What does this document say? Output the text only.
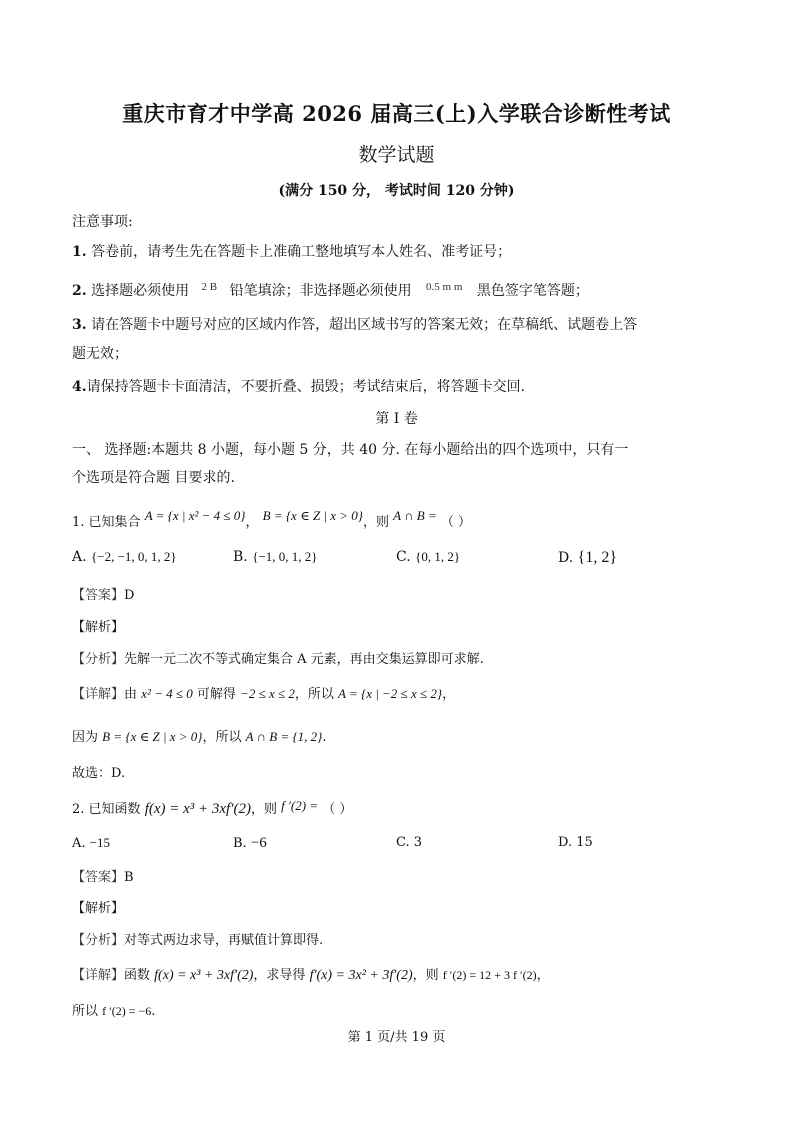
重庆市育才中学高 2026 届高三(上)入学联合诊断性考试
数学试题
(满分 150 分， 考试时间 120 分钟)
注意事项:
1. 答卷前，请考生先在答题卡上准确工整地填写本人姓名、准考证号；
2. 选择题必须使用 $^{2 B}$ 铅笔填涂；非选择题必须使用 $^{0.5 m m}$ 黑色签字笔答题；
3. 请在答题卡中题号对应的区域内作答，超出区域书写的答案无效；在草稿纸、试题卷上答
题无效；
4.请保持答题卡卡面清洁，不要折叠、损毁；考试结束后，将答题卡交回.
第 I 卷
一、 选择题:本题共 8 小题，每小题 5 分，共 40 分. 在每小题给出的四个选项中，只有一
个选项是符合题 目要求的.
1. 已知集合 A = {x | x² − 4 ≤ 0}， B = {x ∈ Z | x > 0}，则 A ∩ B = （ ）
A. {−2, −1, 0, 1, 2}	B. {−1, 0, 1, 2}	C. {0, 1, 2}	D. {1, 2}
【答案】D
【解析】
【分析】先解一元二次不等式确定集合 A 元素，再由交集运算即可求解.
【详解】由 x² − 4 ≤ 0 可解得 −2 ≤ x ≤ 2，所以 A = {x | −2 ≤ x ≤ 2}，
因为 B = {x ∈ Z | x > 0}，所以 A ∩ B = {1, 2}.
故选：D.
2. 已知函数 f(x) = x³ + 3xf′(2)，则 f ′(2) = （ ）
A. −15	B. −6	C. 3	D. 15
【答案】B
【解析】
【分析】对等式两边求导，再赋值计算即得.
【详解】函数 f(x) = x³ + 3xf′(2)，求导得 f′(x) = 3x² + 3f′(2)，则 f ′(2) = 12 + 3 f ′(2)，
所以 f ′(2) = −6.
第 1 页/共 19 页
